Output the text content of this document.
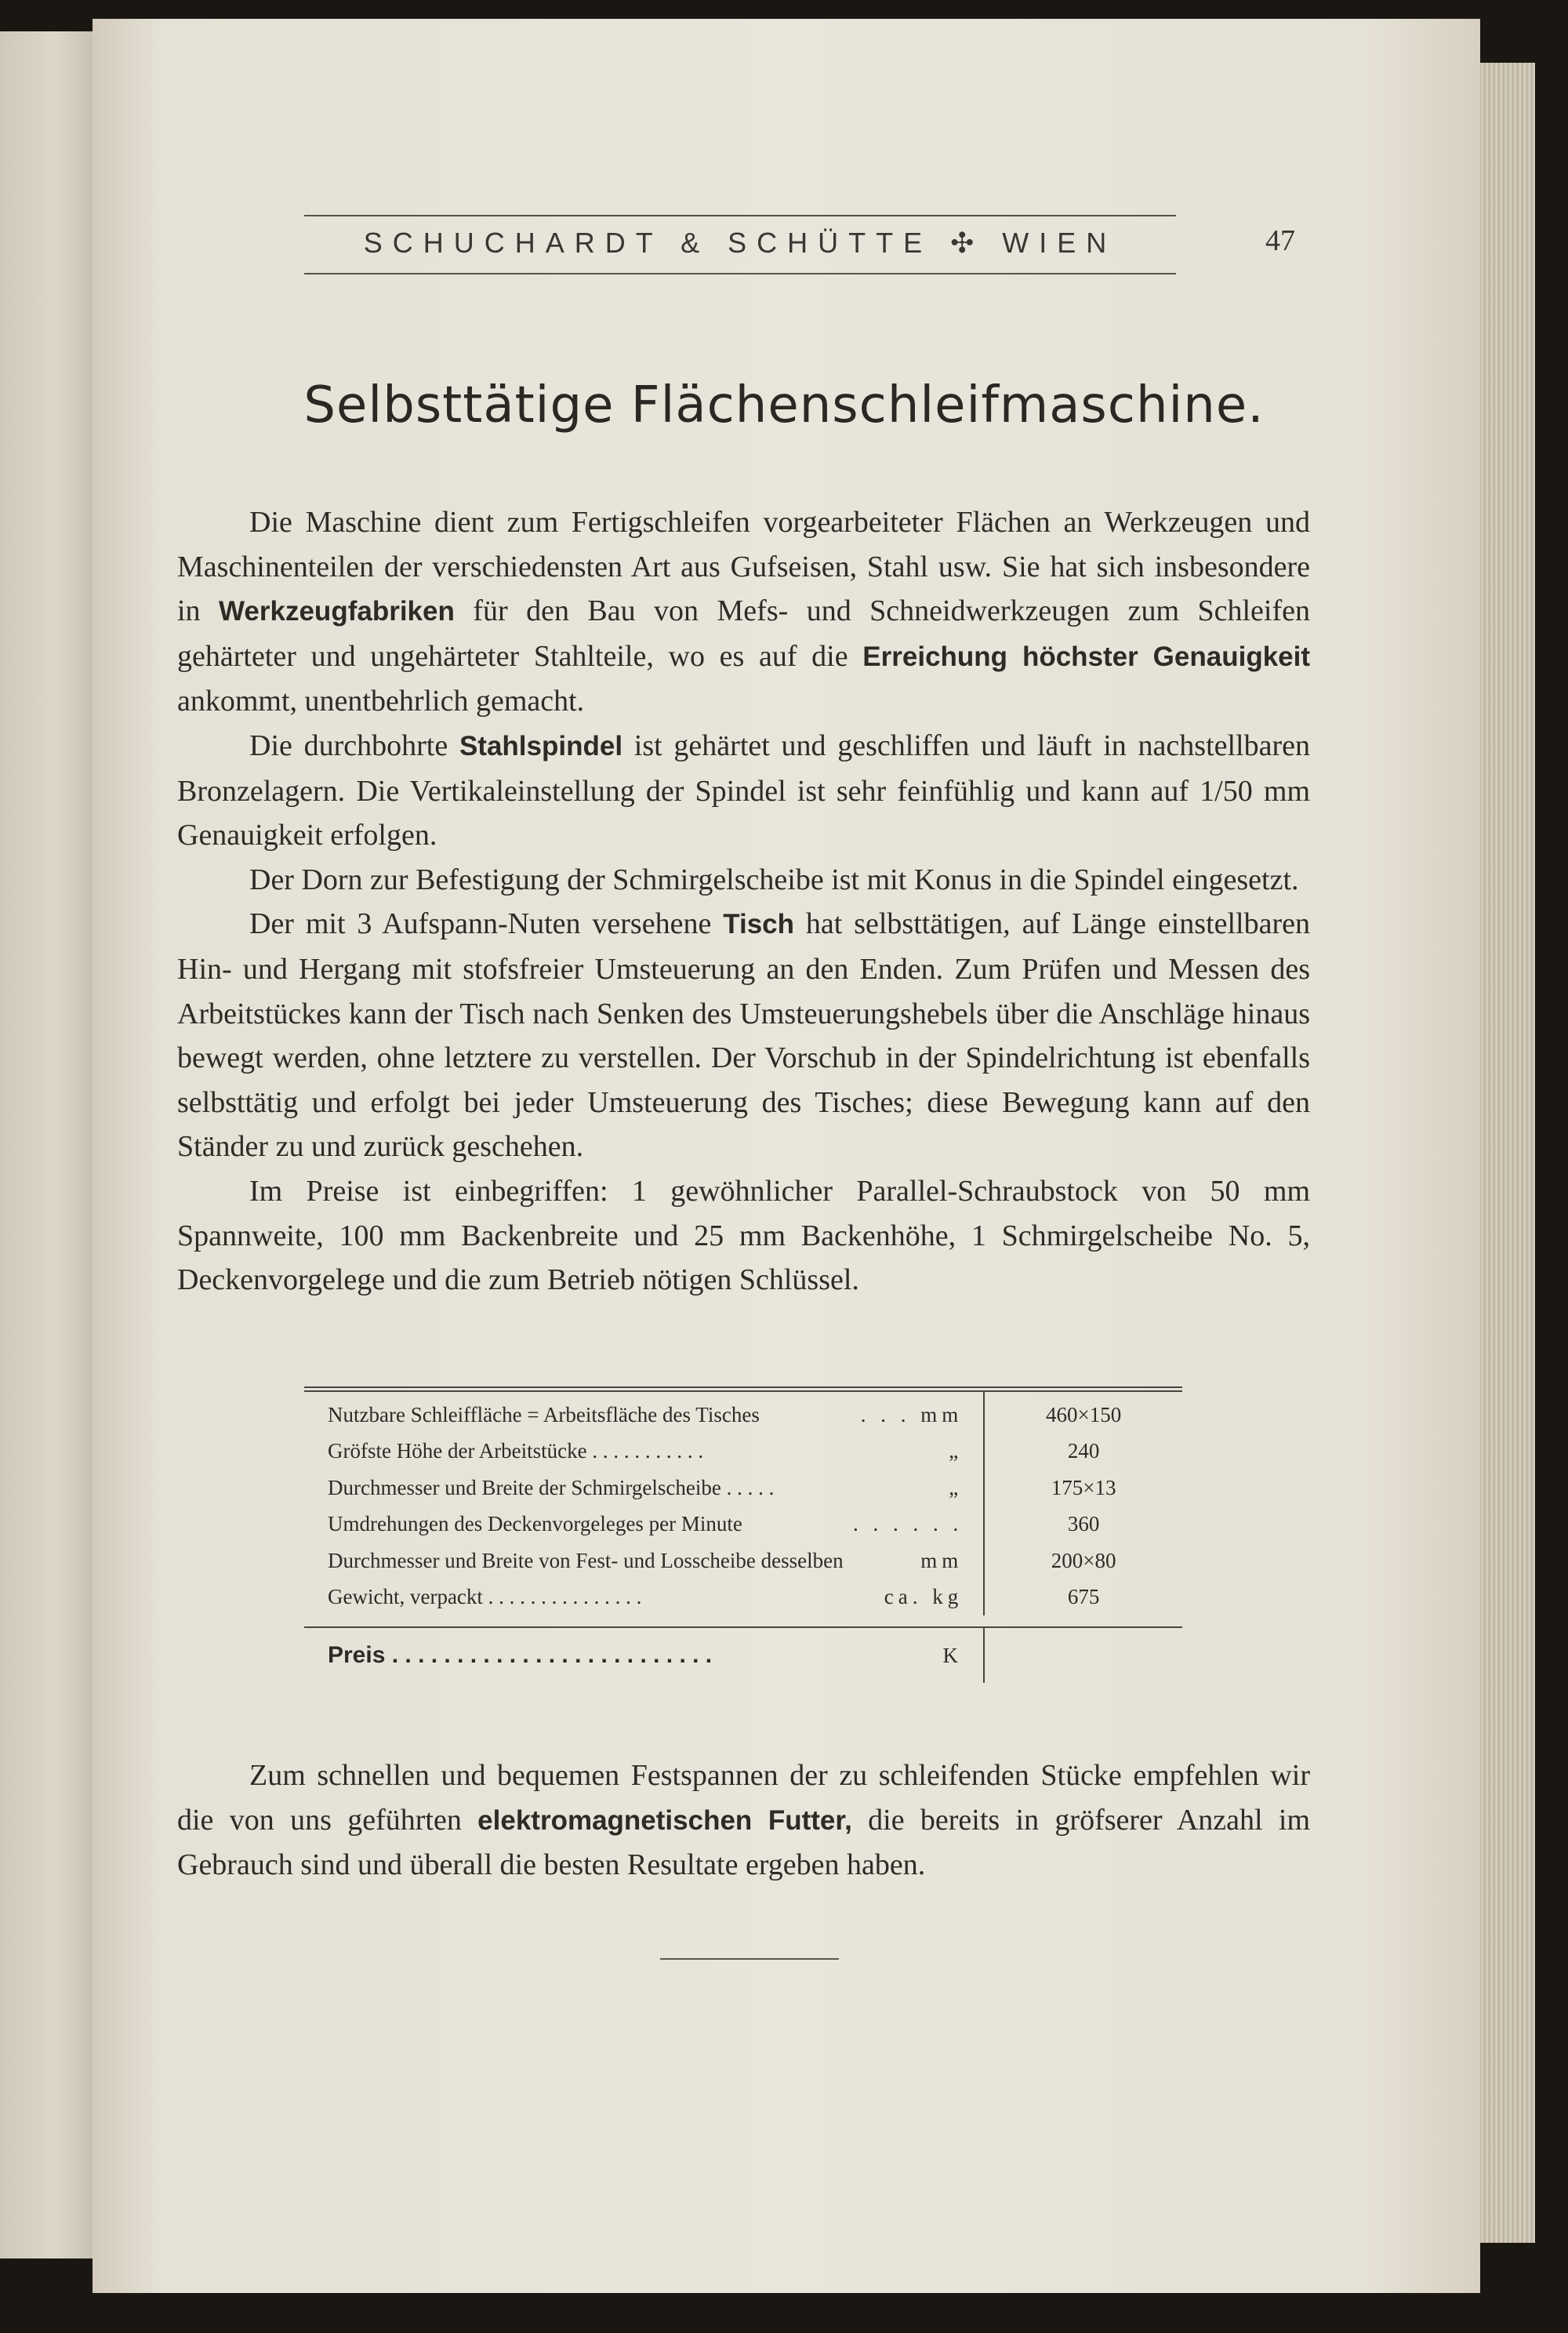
SCHUCHARDT & SCHÜTTE ✣ WIEN	47
Selbsttätige Flächenschleifmaschine.

Die Maschine dient zum Fertigschleifen vorgearbeiteter Flächen an Werkzeugen und Maschinenteilen der verschiedensten Art aus Gufseisen, Stahl usw. Sie hat sich insbesondere in Werkzeugfabriken für den Bau von Mefs- und Schneidwerkzeugen zum Schleifen gehärteter und ungehärteter Stahlteile, wo es auf die Erreichung höchster Genauigkeit ankommt, unentbehrlich gemacht.

Die durchbohrte Stahlspindel ist gehärtet und geschliffen und läuft in nachstellbaren Bronzelagern. Die Vertikaleinstellung der Spindel ist sehr feinfühlig und kann auf 1/50 mm Genauigkeit erfolgen.

Der Dorn zur Befestigung der Schmirgelscheibe ist mit Konus in die Spindel eingesetzt.

Der mit 3 Aufspann-Nuten versehene Tisch hat selbsttätigen, auf Länge einstellbaren Hin- und Hergang mit stofsfreier Umsteuerung an den Enden. Zum Prüfen und Messen des Arbeitstückes kann der Tisch nach Senken des Umsteuerungshebels über die Anschläge hinaus bewegt werden, ohne letztere zu verstellen. Der Vorschub in der Spindelrichtung ist ebenfalls selbsttätig und erfolgt bei jeder Umsteuerung des Tisches; diese Bewegung kann auf den Ständer zu und zurück geschehen.

Im Preise ist einbegriffen: 1 gewöhnlicher Parallel-Schraubstock von 50 mm Spannweite, 100 mm Backenbreite und 25 mm Backenhöhe, 1 Schmirgelscheibe No. 5, Deckenvorgelege und die zum Betrieb nötigen Schlüssel.

Nutzbare Schleiffläche = Arbeitsfläche des Tisches	. . . mm	460×150
Gröfste Höhe der Arbeitstücke . . . . . . . . . . .	„	240
Durchmesser und Breite der Schmirgelscheibe . . . . .	„	175×13
Umdrehungen des Deckenvorgeleges per Minute	. . . . . .	360
Durchmesser und Breite von Fest- und Losscheibe desselben	mm	200×80
Gewicht, verpackt . . . . . . . . . . . . . . .	ca. kg	675
Preis . . . . . . . . . . . . . . . . . . . . . . . . .	K	

Zum schnellen und bequemen Festspannen der zu schleifenden Stücke empfehlen wir die von uns geführten elektromagnetischen Futter, die bereits in gröfserer Anzahl im Gebrauch sind und überall die besten Resultate ergeben haben.
